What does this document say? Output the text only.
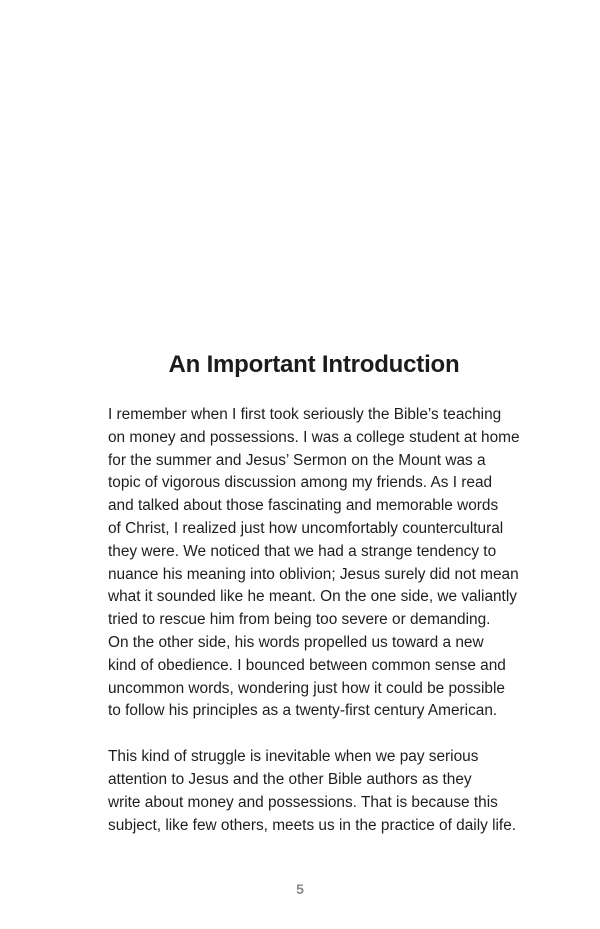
An Important Introduction

I remember when I first took seriously the Bible’s teaching
on money and possessions. I was a college student at home
for the summer and Jesus’ Sermon on the Mount was a
topic of vigorous discussion among my friends. As I read
and talked about those fascinating and memorable words
of Christ, I realized just how uncomfortably countercultural
they were. We noticed that we had a strange tendency to
nuance his meaning into oblivion; Jesus surely did not mean
what it sounded like he meant. On the one side, we valiantly
tried to rescue him from being too severe or demanding.
On the other side, his words propelled us toward a new
kind of obedience. I bounced between common sense and
uncommon words, wondering just how it could be possible
to follow his principles as a twenty-first century American.

This kind of struggle is inevitable when we pay serious
attention to Jesus and the other Bible authors as they
write about money and possessions. That is because this
subject, like few others, meets us in the practice of daily life.

5
